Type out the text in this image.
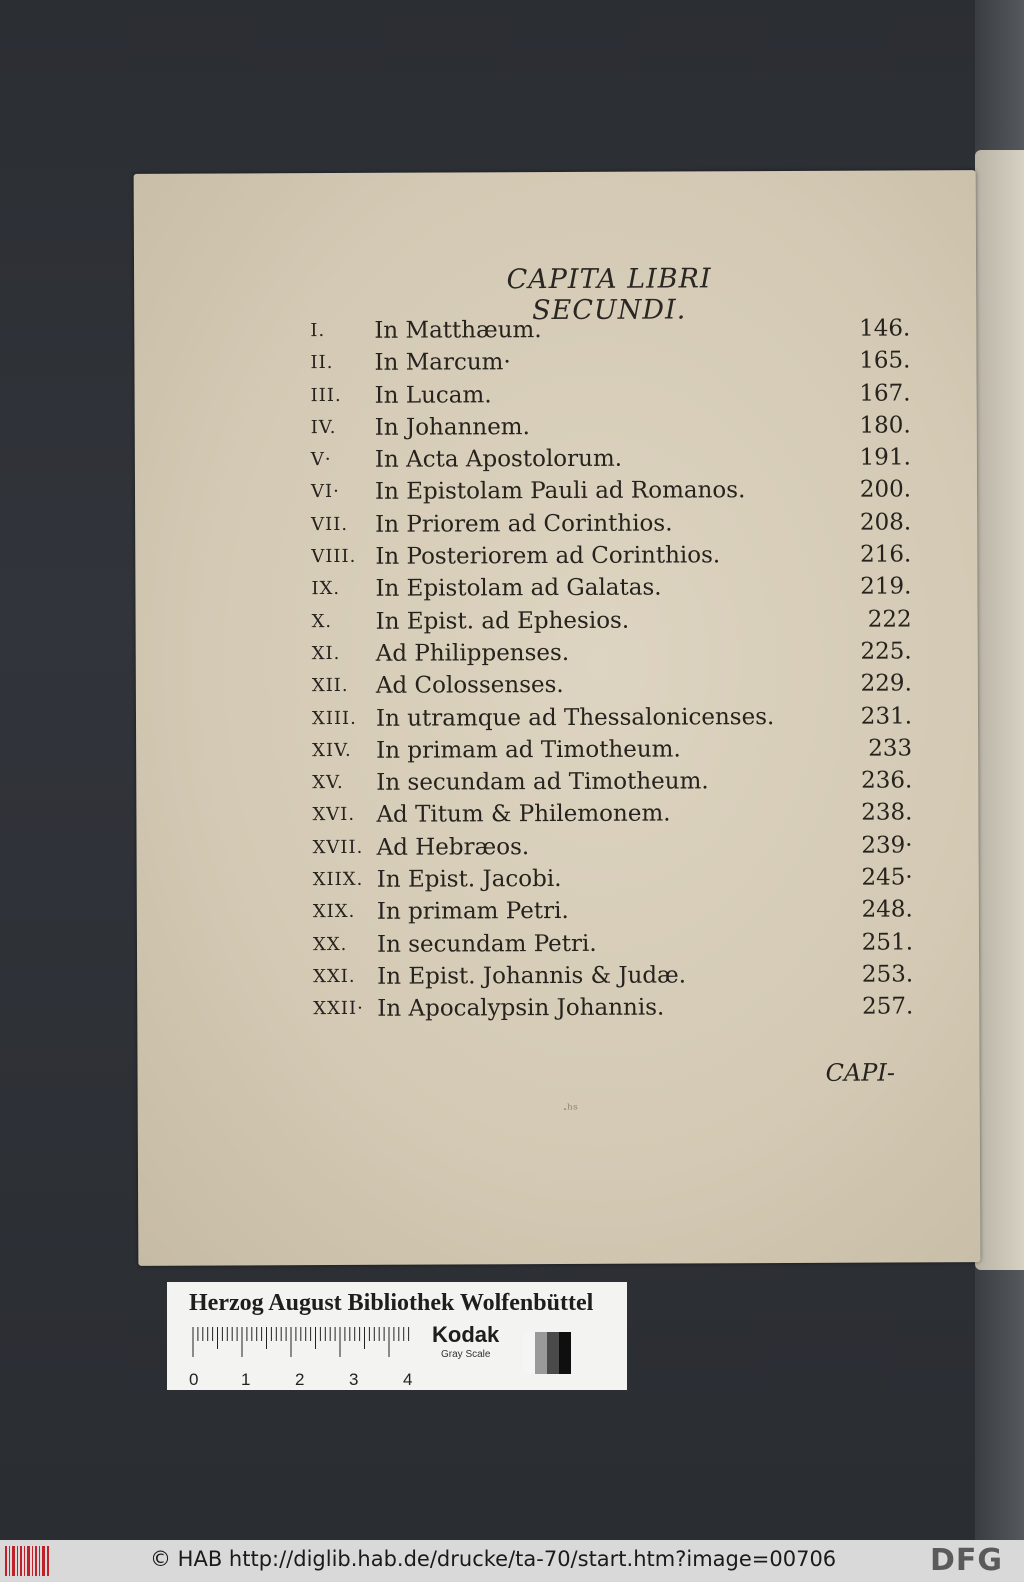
CAPITA LIBRI SECUNDI.
I.	In Matthæum.	146.
II.	In Marcum·	165.
III.	In Lucam.	167.
IV.	In Johannem.	180.
V·	In Acta Apostolorum.	191.
VI·	In Epistolam Pauli ad Romanos.	200.
VII.	In Priorem ad Corinthios.	208.
VIII. In Posteriorem ad Corinthios.	216.
IX.	In Epistolam ad Galatas.	219.
X.	In Epist. ad Ephesios.	222
XI.	Ad Philippenses.	225.
XII.	Ad Colossenses.	229.
XIII. In utramque ad Thessalonicenses.	231.
XIV.	In primam ad Timotheum.	233
XV.	In secundam ad Timotheum.	236.
XVI. Ad Titum & Philemonem.	238.
XVII. Ad Hebræos.	239·
XIIX. In Epist. Jacobi.	245·
XIX. In primam Petri.	248.
XX.	In secundam Petri.	251.
XXI. In Epist. Johannis & Judæ.	253.
XXII· In Apocalypsin Johannis.	257.
CAPI-
·ʰˢ
Herzog August Bibliothek Wolfenbüttel
0	1	2	3	4
Kodak
Gray Scale
© HAB http://diglib.hab.de/drucke/ta-70/start.htm?image=00706	DFG
